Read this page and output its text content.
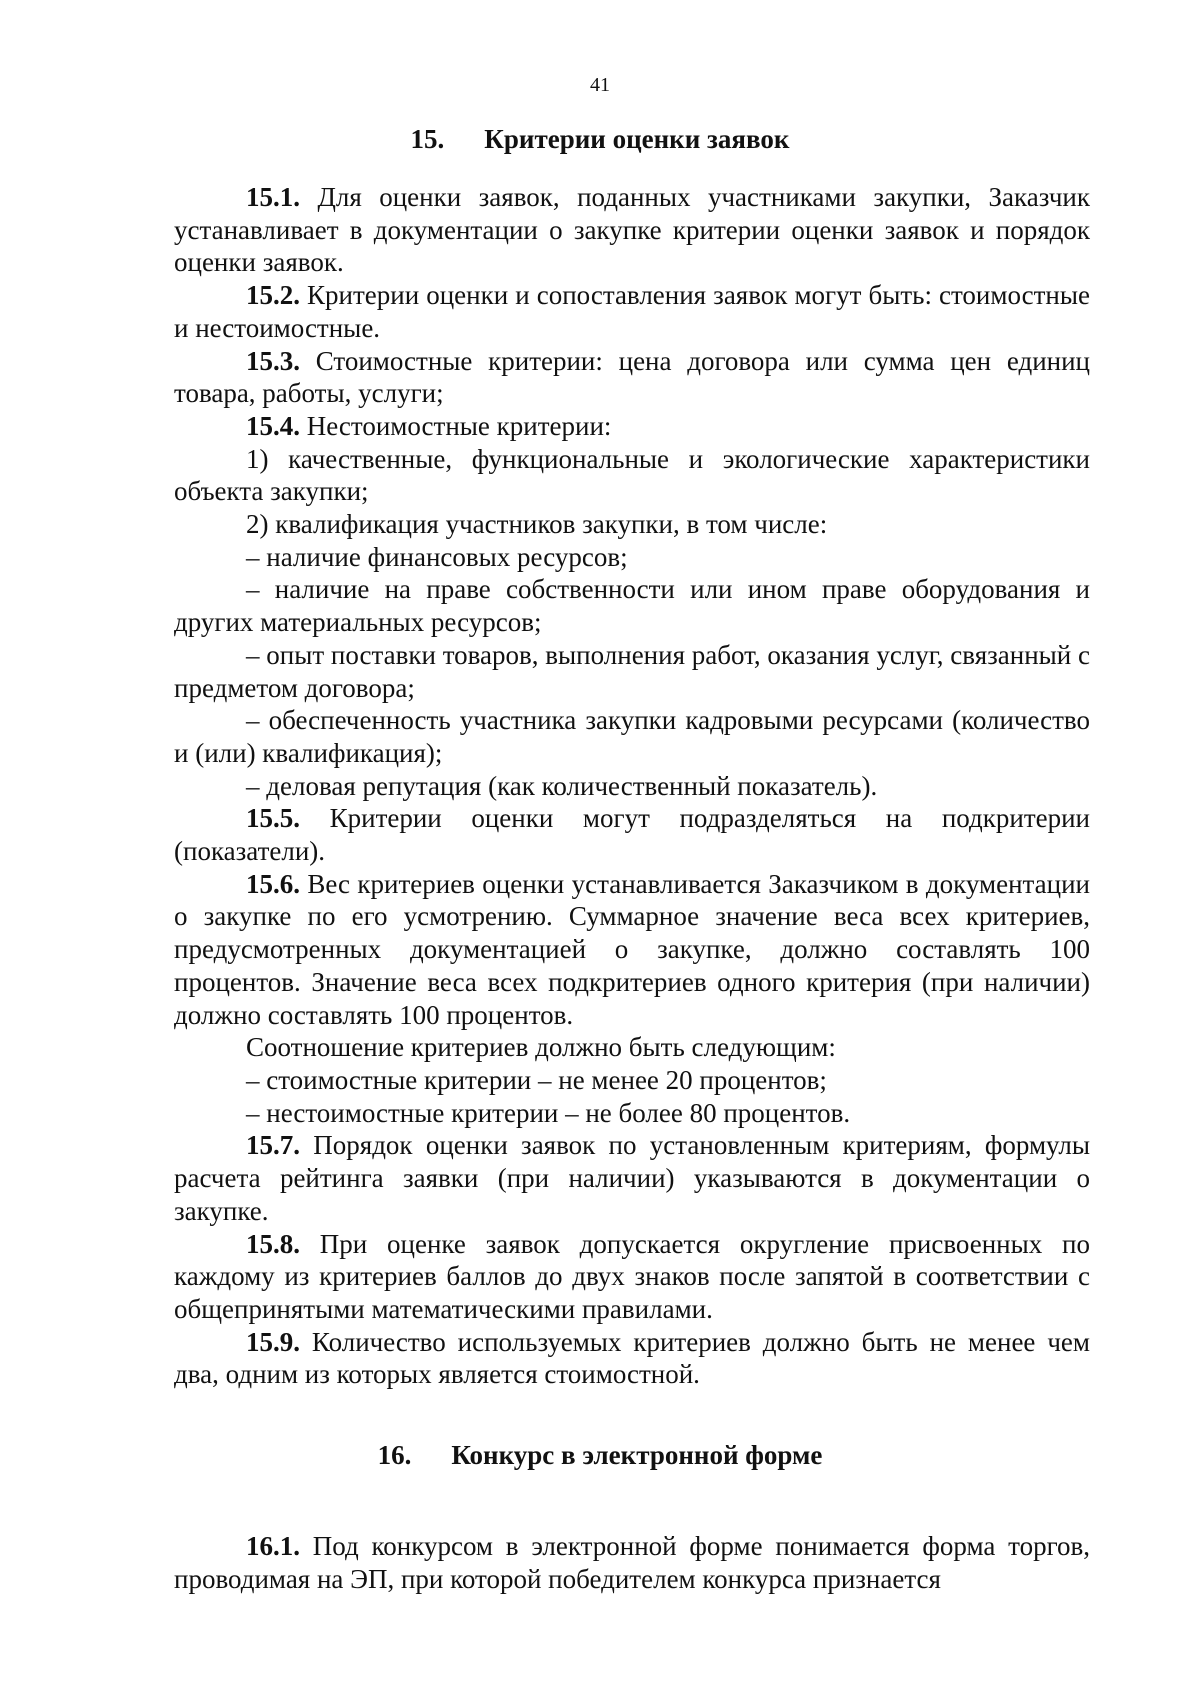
41
15. Критерии оценки заявок

15.1. Для оценки заявок, поданных участниками закупки, Заказчик устанавливает в документации о закупке критерии оценки заявок и порядок оценки заявок.

15.2. Критерии оценки и сопоставления заявок могут быть: стоимостные и нестоимостные.

15.3. Стоимостные критерии: цена договора или сумма цен единиц товара, работы, услуги;

15.4. Нестоимостные критерии:

1) качественные, функциональные и экологические характеристики объекта закупки;

2) квалификация участников закупки, в том числе:

– наличие финансовых ресурсов;

– наличие на праве собственности или ином праве оборудования и других материальных ресурсов;

– опыт поставки товаров, выполнения работ, оказания услуг, связанный с предметом договора;

– обеспеченность участника закупки кадровыми ресурсами (количество и (или) квалификация);

– деловая репутация (как количественный показатель).

15.5. Критерии оценки могут подразделяться на подкритерии (показатели).

15.6. Вес критериев оценки устанавливается Заказчиком в документации о закупке по его усмотрению. Суммарное значение веса всех критериев, предусмотренных документацией о закупке, должно составлять 100 процентов. Значение веса всех подкритериев одного критерия (при наличии) должно составлять 100 процентов.

Соотношение критериев должно быть следующим:

– стоимостные критерии – не менее 20 процентов;

– нестоимостные критерии – не более 80 процентов.

15.7. Порядок оценки заявок по установленным критериям, формулы расчета рейтинга заявки (при наличии) указываются в документации о закупке.

15.8. При оценке заявок допускается округление присвоенных по каждому из критериев баллов до двух знаков после запятой в соответствии с общепринятыми математическими правилами.

15.9. Количество используемых критериев должно быть не менее чем два, одним из которых является стоимостной.

16. Конкурс в электронной форме

16.1. Под конкурсом в электронной форме понимается форма торгов, проводимая на ЭП, при которой победителем конкурса признается
